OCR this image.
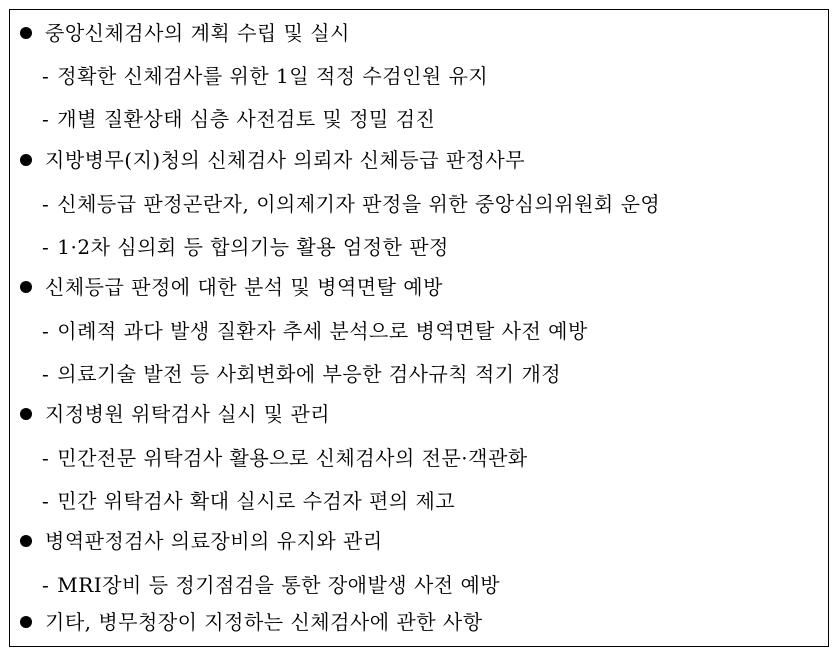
중앙신체검사의 계획 수립 및 실시
- 정확한 신체검사를 위한 1일 적정 수검인원 유지
- 개별 질환상태 심층 사전검토 및 정밀 검진
지방병무(지)청의 신체검사 의뢰자 신체등급 판정사무
- 신체등급 판정곤란자, 이의제기자 판정을 위한 중앙심의위원회 운영
- 1·2차 심의회 등 합의기능 활용 엄정한 판정
신체등급 판정에 대한 분석 및 병역면탈 예방
- 이례적 과다 발생 질환자 추세 분석으로 병역면탈 사전 예방
- 의료기술 발전 등 사회변화에 부응한 검사규칙 적기 개정
지정병원 위탁검사 실시 및 관리
- 민간전문 위탁검사 활용으로 신체검사의 전문·객관화
- 민간 위탁검사 확대 실시로 수검자 편의 제고
병역판정검사 의료장비의 유지와 관리
- MRI장비 등 정기점검을 통한 장애발생 사전 예방
기타, 병무청장이 지정하는 신체검사에 관한 사항
